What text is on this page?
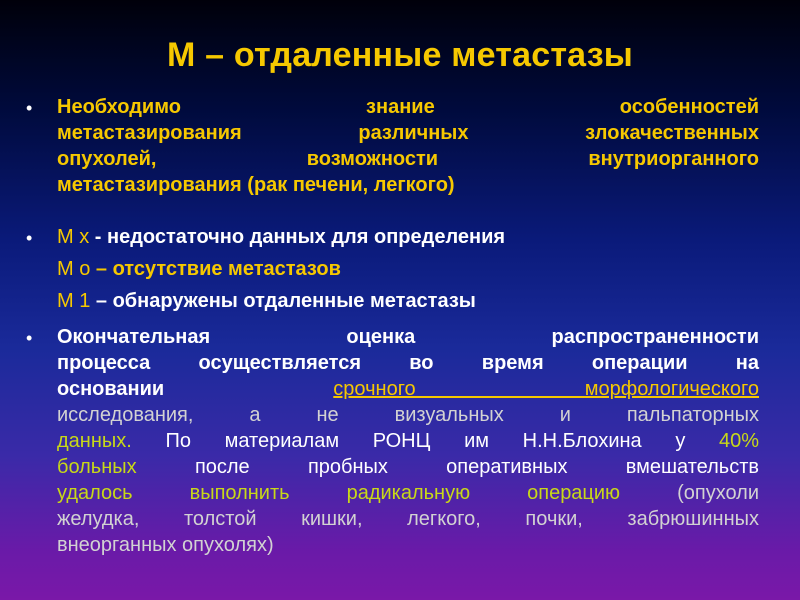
М – отдаленные метастазы
• Необходимо знание особенностей
метастазирования различных злокачественных
опухолей, возможности внутриорганного
метастазирования (рак печени, легкого)
• M x - недостаточно данных для определения
M o – отсутствие метастазов
M 1 – обнаружены отдаленные метастазы
• Окончательная оценка распространенности
процесса осуществляется во время операции на
основании	срочного морфологического
исследования, а не визуальных и пальпаторных
данных. По материалам РОНЦ им Н.Н.Блохина у 40%
больных	после пробных оперативных вмешательств
удалось выполнить радикальную операцию	(опухоли
желудка, толстой кишки, легкого, почки, забрюшинных
внеорганных опухолях)
